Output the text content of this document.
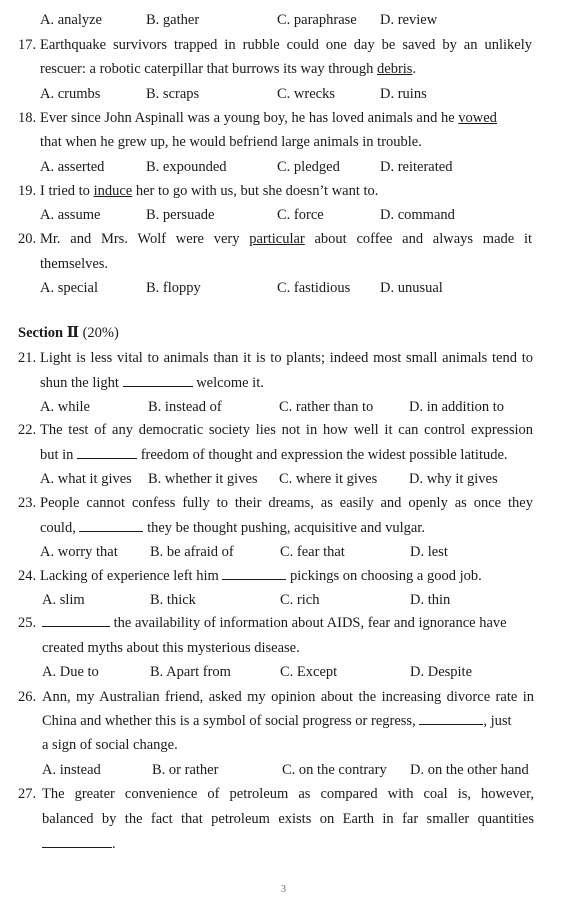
A. analyze	B. gather	C. paraphrase D. review
17. Earthquake survivors trapped in rubble could one day be saved by an unlikely
rescuer: a robotic caterpillar that burrows its way through debris.
A. crumbs	B. scraps	C. wrecks	D. ruins
18. Ever since John Aspinall was a young boy, he has loved animals and he vowed
that when he grew up, he would befriend large animals in trouble.
A. asserted	B. expounded	C. pledged	D. reiterated
19. I tried to induce her to go with us, but she doesn’t want to.
A. assume	B. persuade	C. force	D. command
20. Mr. and Mrs. Wolf were very particular about coffee and always made it
themselves.
A. special	B. floppy	C. fastidious D. unusual
Section Ⅱ (20%)
21. Light is less vital to animals than it is to plants; indeed most small animals tend to
shun the light	welcome it.
A. while	B. instead of	C. rather than to D. in addition to
22. The test of any democratic society lies not in how well it can control expression
but in	freedom of thought and expression the widest possible latitude.
A. what it gives B. whether it gives C. where it gives D. why it gives
23. People cannot confess fully to their dreams, as easily and openly as once they
could,	they be thought pushing, acquisitive and vulgar.
A. worry that B. be afraid of	C. fear that	D. lest
24. Lacking of experience left him	pickings on choosing a good job.
A. slim	B. thick	C. rich	D. thin
25.	the availability of information about AIDS, fear and ignorance have
created myths about this mysterious disease.
A. Due to	B. Apart from	C. Except	D. Despite
26. Ann, my Australian friend, asked my opinion about the increasing divorce rate in
China and whether this is a symbol of social progress or regress,	, just
a sign of social change.
A. instead	B. or rather	C. on the contrary D. on the other hand
27. The greater convenience of petroleum as compared with coal is, however,
balanced by the fact that petroleum exists on Earth in far smaller quantities
.
3
